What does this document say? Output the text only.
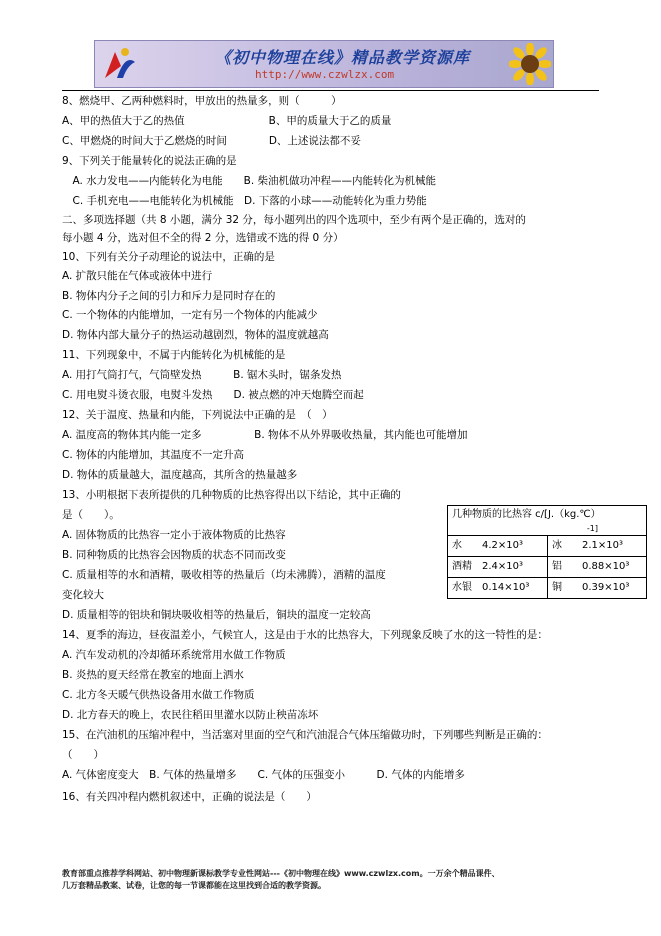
《初中物理在线》精品教学资源库
http://www.czwlzx.com
8、燃烧甲、乙两种燃料时，甲放出的热量多，则（　　　）
A、甲的热值大于乙的热值　　　　　　　　B、甲的质量大于乙的质量
C、甲燃烧的时间大于乙燃烧的时间　　　　D、上述说法都不妥
9、下列关于能量转化的说法正确的是
　A. 水力发电——内能转化为电能　　B. 柴油机做功冲程——内能转化为机械能
　C. 手机充电——电能转化为机械能　D. 下落的小球——动能转化为重力势能
二、多项选择题（共 8 小题，满分 32 分，每小题列出的四个选项中，至少有两个是正确的，选对的
每小题 4 分，选对但不全的得 2 分，选错或不选的得 0 分）
10、下列有关分子动理论的说法中，正确的是
A. 扩散只能在气体或液体中进行
B. 物体内分子之间的引力和斥力是同时存在的
C. 一个物体的内能增加，一定有另一个物体的内能减少
D. 物体内部大量分子的热运动越剧烈，物体的温度就越高
11、下列现象中，不属于内能转化为机械能的是
A. 用打气筒打气，气筒壁发热　　　B. 锯木头时，锯条发热
C. 用电熨斗烫衣服，电熨斗发热　　D. 被点燃的冲天炮腾空而起
12、关于温度、热量和内能，下列说法中正确的是　（　）
A. 温度高的物体其内能一定多　　　　　B. 物体不从外界吸收热量，其内能也可能增加
C. 物体的内能增加，其温度不一定升高
D. 物体的质量越大，温度越高，其所含的热量越多
13、小明根据下表所提供的几种物质的比热容得出以下结论，其中正确的
是（　　）。
A. 固体物质的比热容一定小于液体物质的比热容
B. 同种物质的比热容会因物质的状态不同而改变
C. 质量相等的水和酒精，吸收相等的热量后（均未沸腾），酒精的温度
变化较大
D. 质量相等的铝块和铜块吸收相等的热量后，铜块的温度一定较高
14、夏季的海边，昼夜温差小，气候宜人，这是由于水的比热容大，下列现象反映了水的这一特性的是：
A. 汽车发动机的冷却循环系统常用水做工作物质
B. 炎热的夏天经常在教室的地面上洒水
C. 北方冬天暖气供热设备用水做工作物质
D. 北方春天的晚上，农民往稻田里灌水以防止秧苗冻坏
15、在汽油机的压缩冲程中，当活塞对里面的空气和汽油混合气体压缩做功时，下列哪些判断是正确的：
（　　）
A. 气体密度变大　B. 气体的热量增多　　C. 气体的压强变小　　　D. 气体的内能增多
16、有关四冲程内燃机叙述中，正确的说法是（　　）
几种物质的比热容 c/[J.（kg.℃）
-1]
水	4.2×10³	冰	2.1×10³
酒精	2.4×10³	铝	0.88×10³
水银	0.14×10³	铜	0.39×10³
教育部重点推荐学科网站、初中物理新课标教学专业性网站---《初中物理在线》www.czwlzx.com。一万余个精品课件、
几万套精品教案、试卷，让您的每一节课都能在这里找到合适的教学资源。
